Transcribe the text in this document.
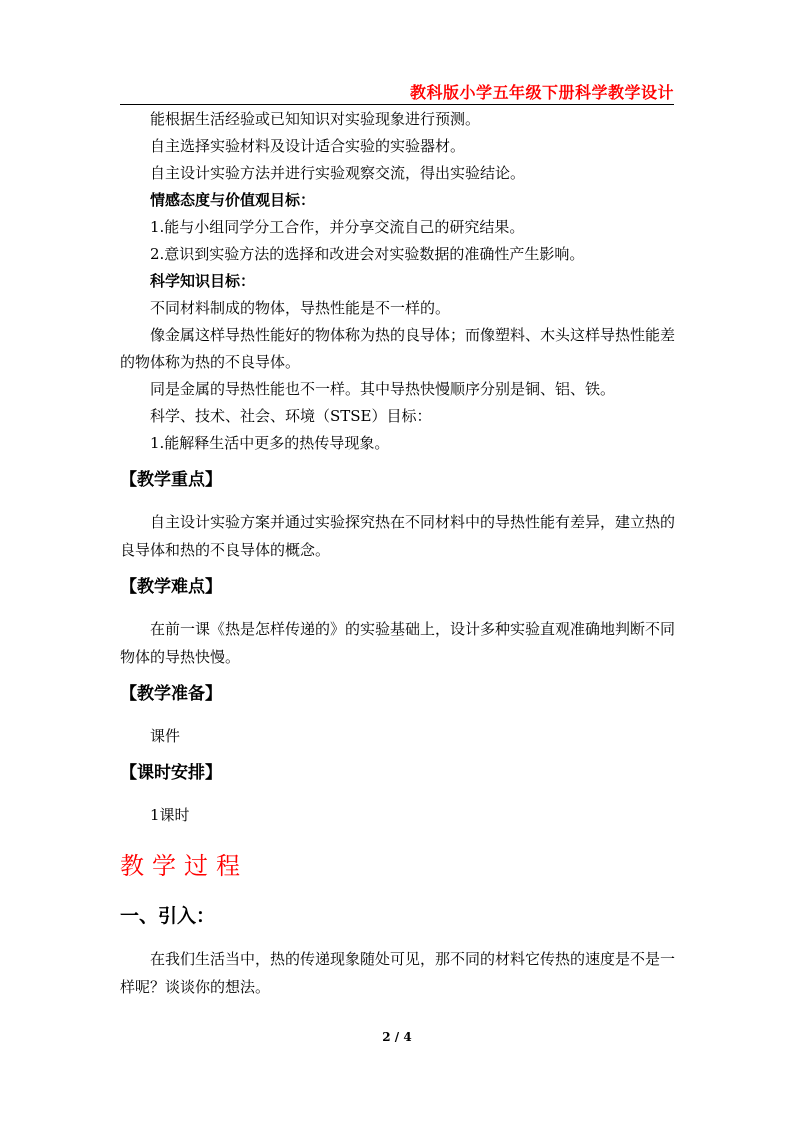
教科版小学五年级下册科学教学设计

能根据生活经验或已知知识对实验现象进行预测。

自主选择实验材料及设计适合实验的实验器材。

自主设计实验方法并进行实验观察交流，得出实验结论。

情感态度与价值观目标：

1.能与小组同学分工合作，并分享交流自己的研究结果。

2.意识到实验方法的选择和改进会对实验数据的准确性产生影响。

科学知识目标：

不同材料制成的物体，导热性能是不一样的。

像金属这样导热性能好的物体称为热的良导体；而像塑料、木头这样导热性能差的物体称为热的不良导体。

同是金属的导热性能也不一样。其中导热快慢顺序分别是铜、铝、铁。

科学、技术、社会、环境（STSE）目标：

1.能解释生活中更多的热传导现象。

【教学重点】

自主设计实验方案并通过实验探究热在不同材料中的导热性能有差异，建立热的良导体和热的不良导体的概念。

【教学难点】

在前一课《热是怎样传递的》的实验基础上，设计多种实验直观准确地判断不同物体的导热快慢。

【教学准备】

课件

【课时安排】

1课时

教学过程

一、引入：

在我们生活当中，热的传递现象随处可见，那不同的材料它传热的速度是不是一样呢？谈谈你的想法。

2 / 4
